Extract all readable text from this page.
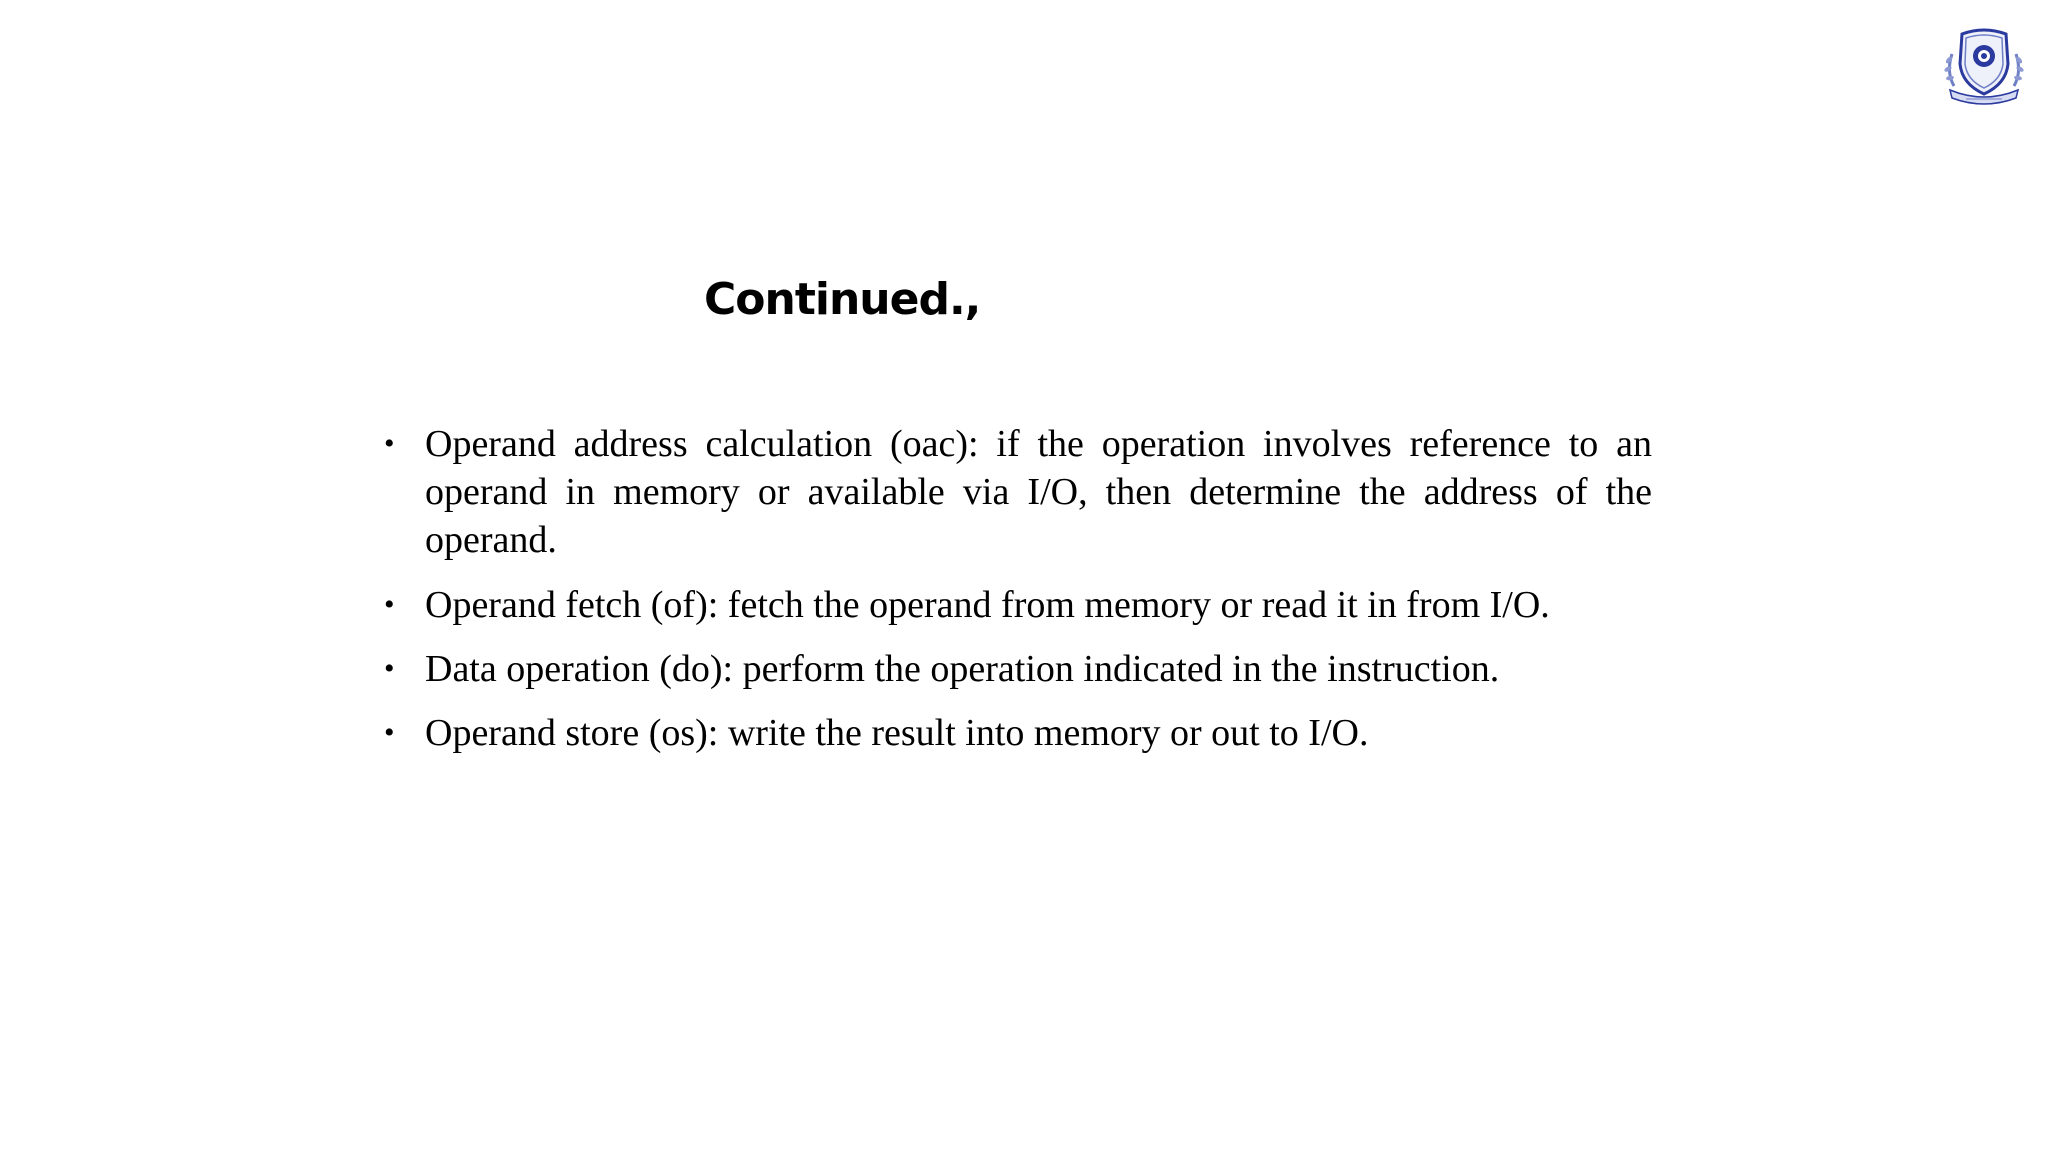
Continued.,
• Operand address calculation (oac): if the operation involves reference to an operand in memory or available via I/O, then determine the address of the operand.
• Operand fetch (of): fetch the operand from memory or read it in from I/O.
• Data operation (do): perform the operation indicated in the instruction.
• Operand store (os): write the result into memory or out to I/O.
